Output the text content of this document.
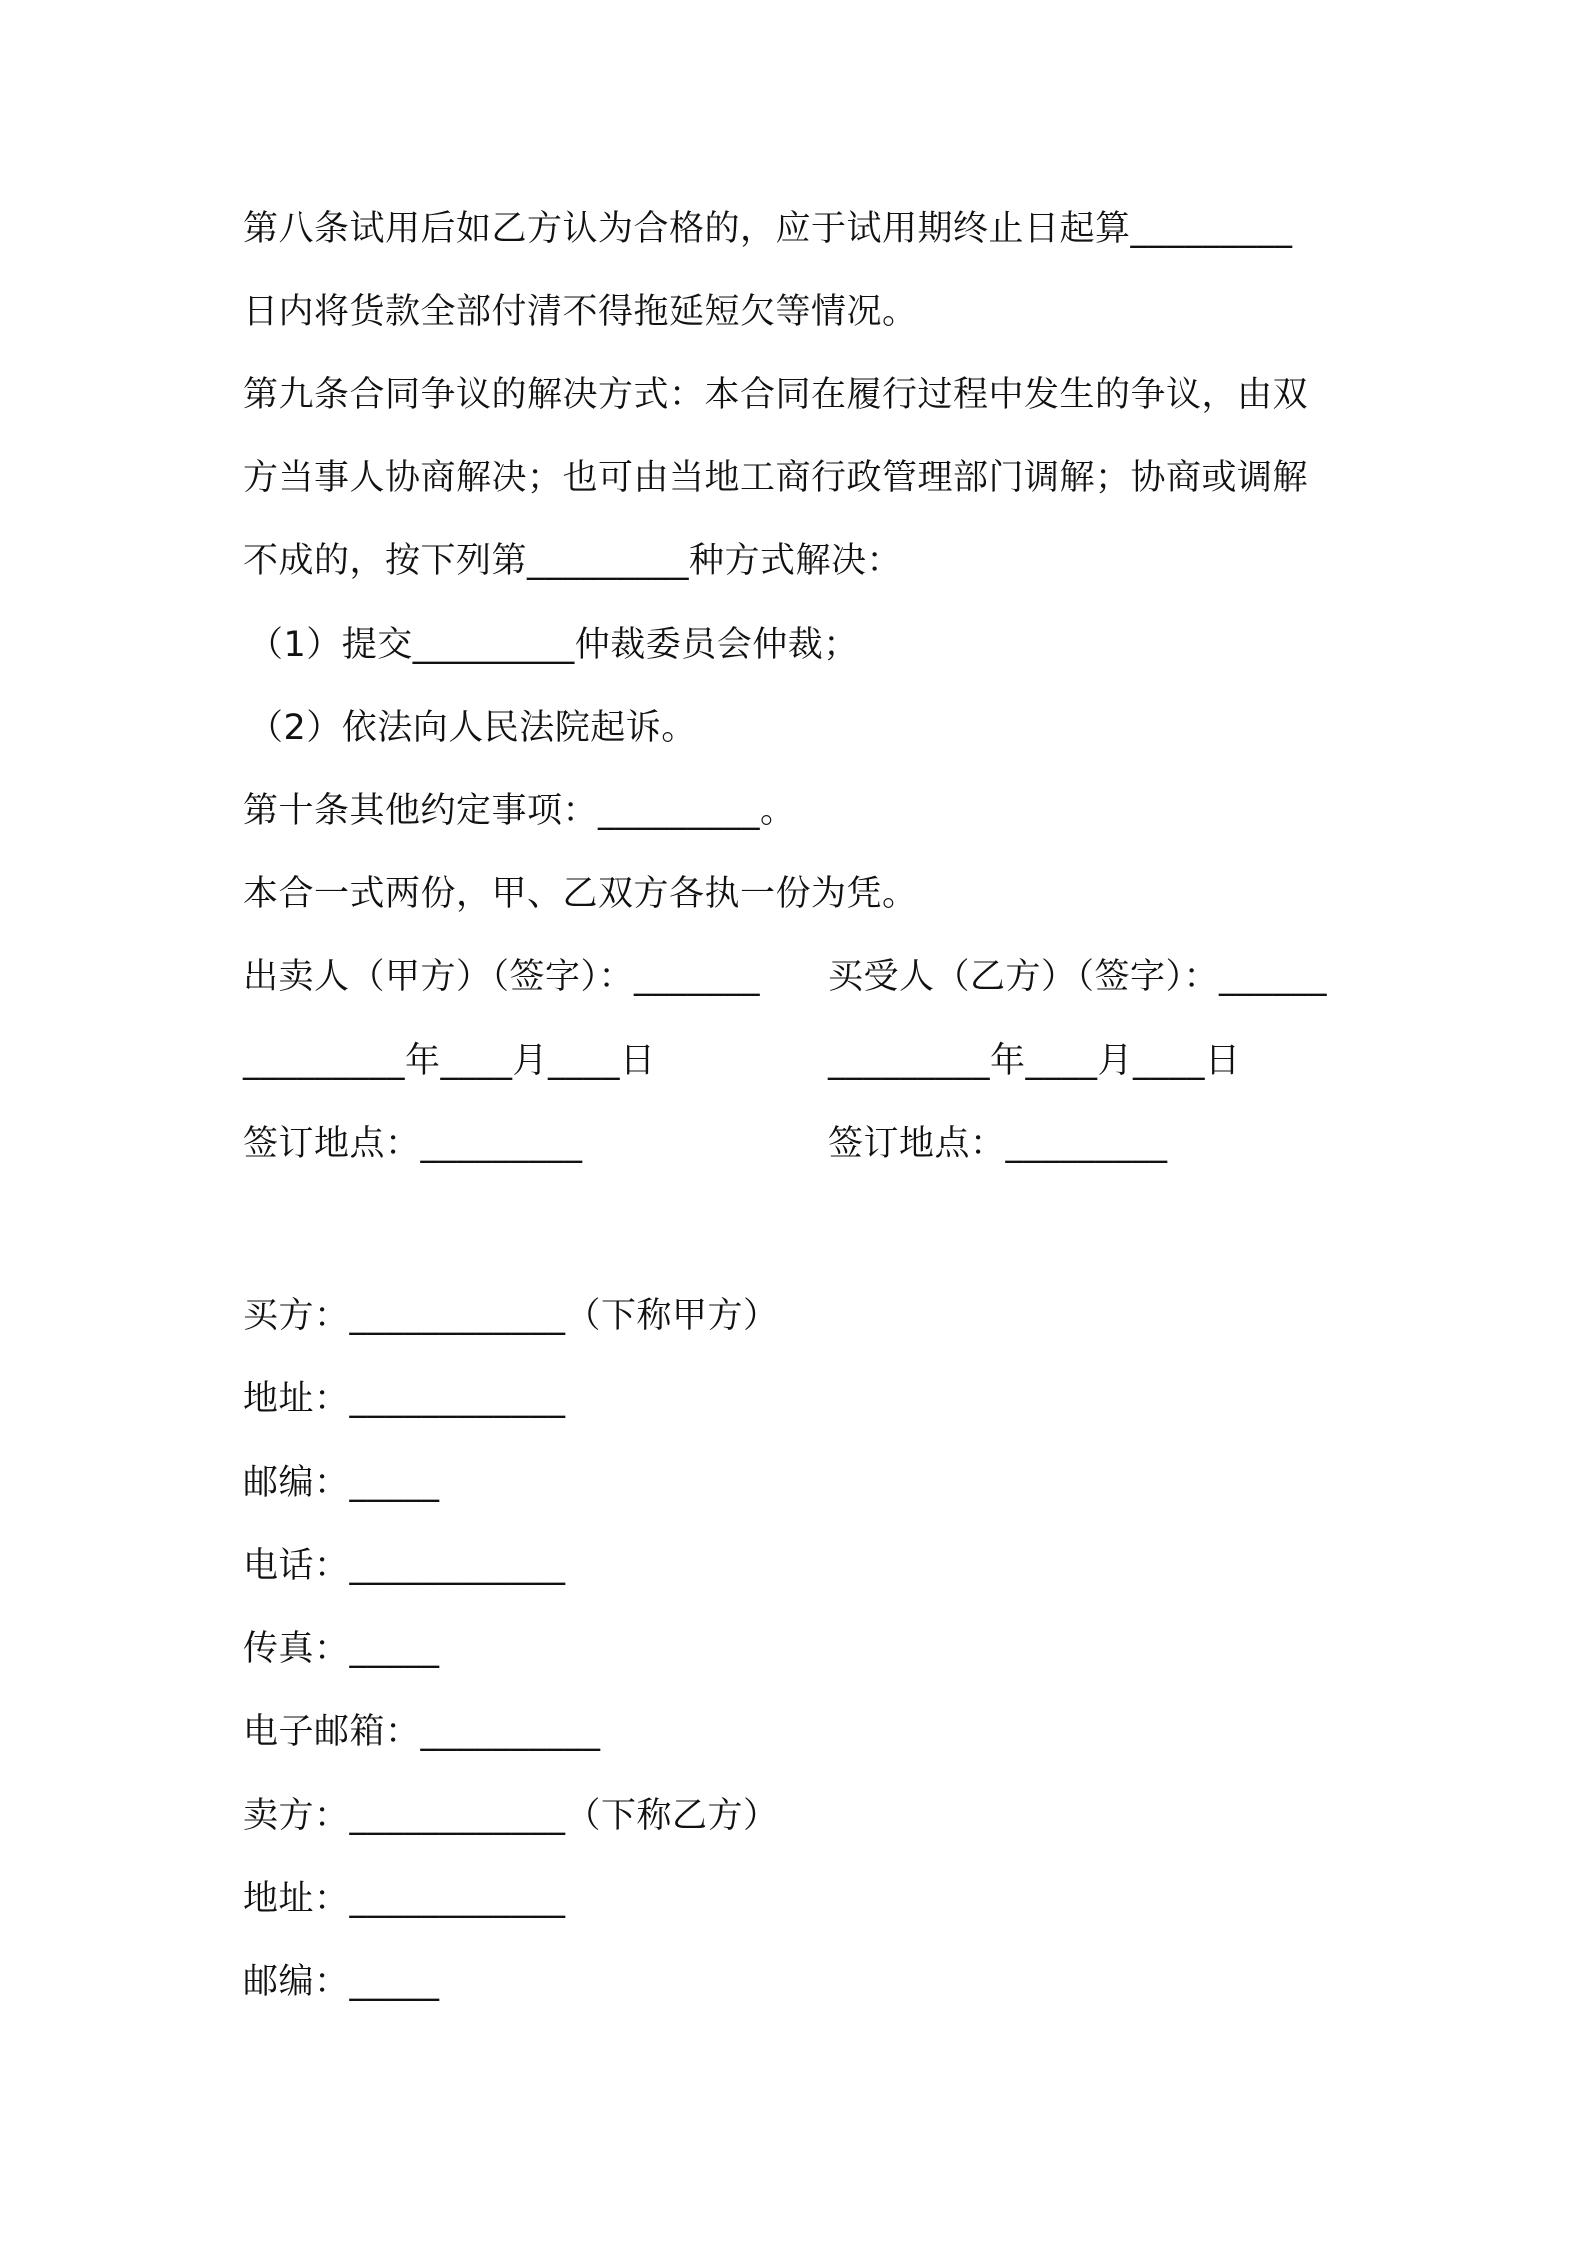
第八条试用后如乙方认为合格的，应于试用期终止日起算_________
日内将货款全部付清不得拖延短欠等情况。
第九条合同争议的解决方式：本合同在履行过程中发生的争议，由双
方当事人协商解决；也可由当地工商行政管理部门调解；协商或调解
不成的，按下列第_________种方式解决：
（1）提交_________仲裁委员会仲裁；
（2）依法向人民法院起诉。
第十条其他约定事项：_________。
本合一式两份，甲、乙双方各执一份为凭。
出卖人（甲方）（签字）：_______ 买受人（乙方）（签字）：______
_________年____月____日	_________年____月____日
签订地点：_________	签订地点：_________
买方：____________（下称甲方）
地址：____________
邮编：_____
电话：____________
传真：_____
电子邮箱：__________
卖方：____________（下称乙方）
地址：____________
邮编：_____
